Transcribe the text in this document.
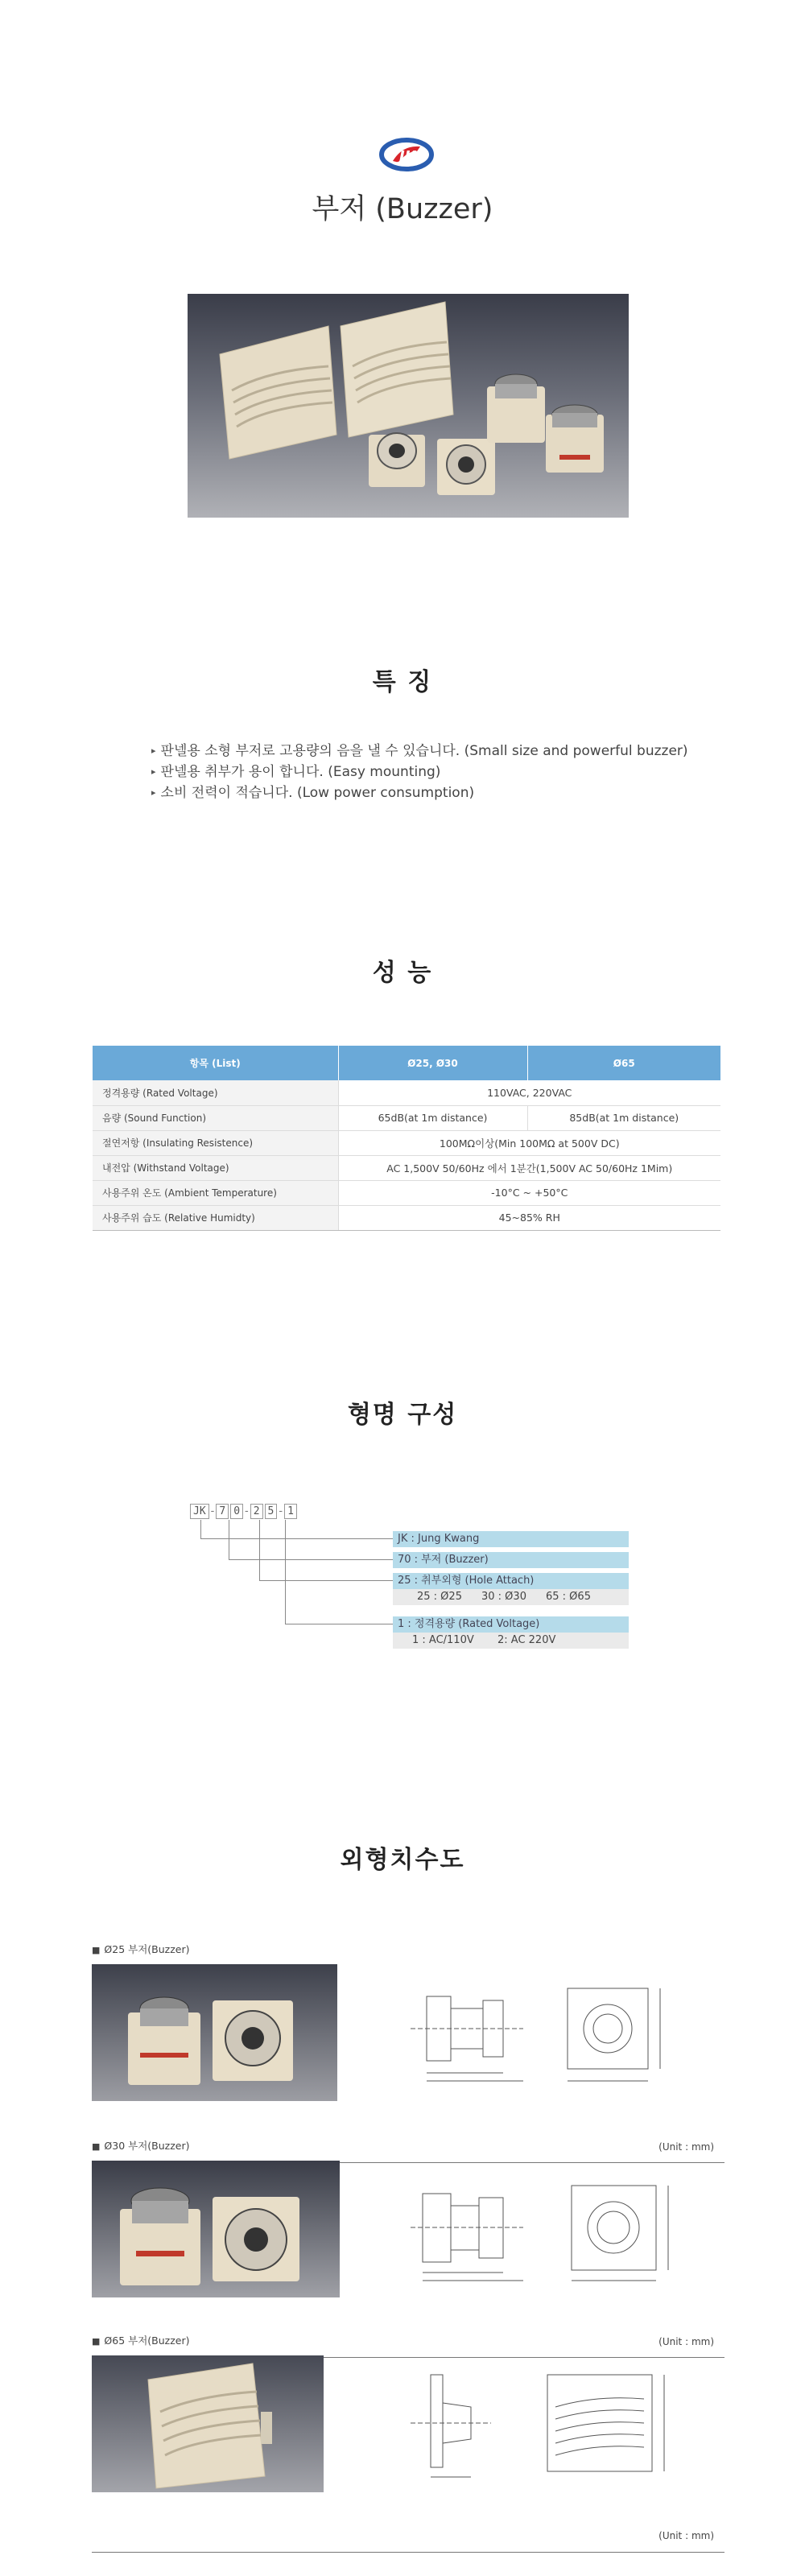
JK
부저 (Buzzer)
특 징
▸ 판넬용 소형 부저로 고용량의 음을 낼 수 있습니다. (Small size and powerful buzzer)
▸ 판넬용 취부가 용이 합니다. (Easy mounting)
▸ 소비 전력이 적습니다. (Low power consumption)
성 능
항목 (List)	Ø25, Ø30	Ø65
정격용량 (Rated Voltage)	110VAC, 220VAC	
음량 (Sound Function)	65dB(at 1m distance)	85dB(at 1m distance)
절연저항 (Insulating Resistence)	100MΩ이상(Min 100MΩ at 500V DC)	
내전압 (Withstand Voltage)	AC 1,500V 50/60Hz 에서 1분간(1,500V AC 50/60Hz 1Mim)	
사용주위 온도 (Ambient Temperature)	-10°C ~ +50°C	
사용주위 습도 (Relative Humidty)	45~85% RH	
형명 구성
JK - 7 0 - 2 5 - 1
JK : Jung Kwang
70 : 부저 (Buzzer)
25 : 취부외형 (Hole Attach)
25 : Ø25 30 : Ø30 65 : Ø65
1 : 정격용량 (Rated Voltage)
1 : AC/110V 2: AC 220V
외형치수도
■ Ø25 부저(Buzzer)
(Unit : mm)
■ Ø30 부저(Buzzer)
(Unit : mm)
■ Ø65 부저(Buzzer)
(Unit : mm)
